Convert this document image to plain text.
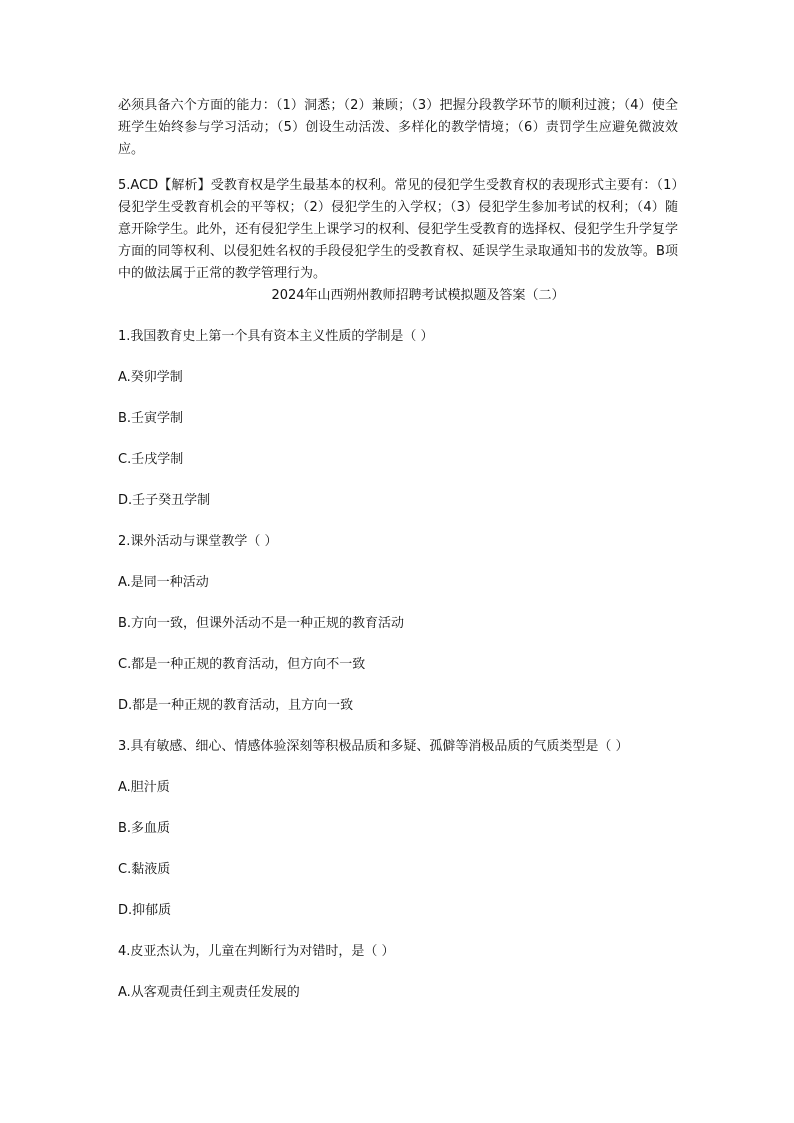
必须具备六个方面的能力：（1）洞悉；（2）兼顾；（3）把握分段教学环节的顺利过渡；（4）使全班学生始终参与学习活动；（5）创设生动活泼、多样化的教学情境；（6）责罚学生应避免微波效应。

5.ACD【解析】受教育权是学生最基本的权利。常见的侵犯学生受教育权的表现形式主要有：（1）侵犯学生受教育机会的平等权；（2）侵犯学生的入学权；（3）侵犯学生参加考试的权利；（4）随意开除学生。此外，还有侵犯学生上课学习的权利、侵犯学生受教育的选择权、侵犯学生升学复学方面的同等权利、以侵犯姓名权的手段侵犯学生的受教育权、延误学生录取通知书的发放等。B项中的做法属于正常的教学管理行为。

2024年山西朔州教师招聘考试模拟题及答案（二）

1.我国教育史上第一个具有资本主义性质的学制是（ ）

A.癸卯学制

B.壬寅学制

C.壬戌学制

D.壬子癸丑学制

2.课外活动与课堂教学（ ）

A.是同一种活动

B.方向一致，但课外活动不是一种正规的教育活动

C.都是一种正规的教育活动，但方向不一致

D.都是一种正规的教育活动，且方向一致

3.具有敏感、细心、情感体验深刻等积极品质和多疑、孤僻等消极品质的气质类型是（ ）

A.胆汁质

B.多血质

C.黏液质

D.抑郁质

4.皮亚杰认为，儿童在判断行为对错时，是（ ）

A.从客观责任到主观责任发展的
